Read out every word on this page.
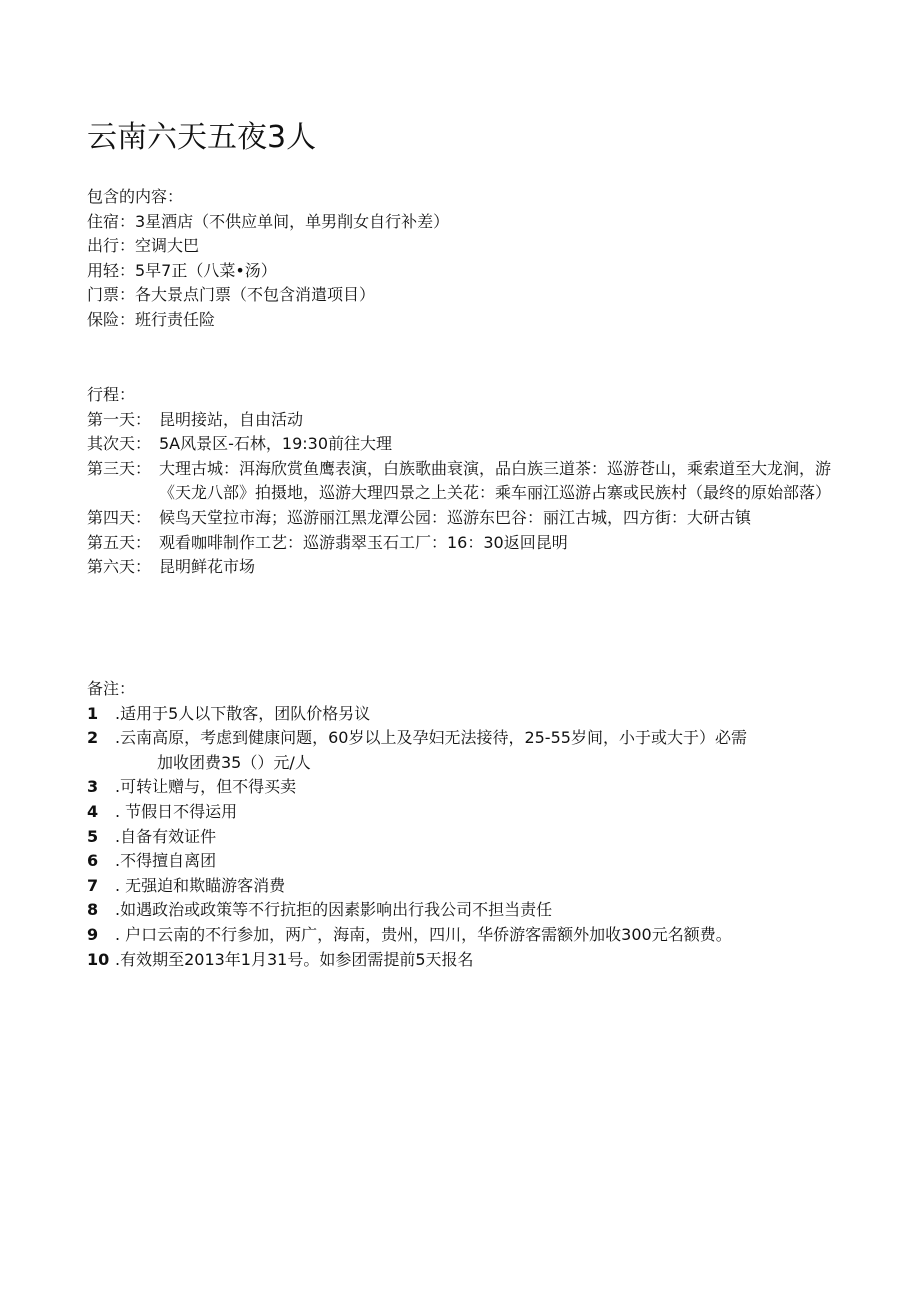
云南六天五夜3人
包含的内容：
住宿：3星酒店（不供应单间，单男削女自行补差）
出行：空调大巴
用轻：5早7正（八菜•汤）
门票：各大景点门票（不包含消遣项目）
保险：班行责任险
行程：
第一天： 昆明接站，自由活动
其次天： 5A风景区-石林，19:30前往大理
第三天： 大理古城：洱海欣赏鱼鹰表演，白族歌曲衰演，品白族三道茶：巡游苍山，乘索道至大龙涧，游《天龙八部》拍摄地，巡游大理四景之上关花：乘车丽江巡游占寨或民族村（最终的原始部落）
第四天： 候鸟天堂拉市海；巡游丽江黑龙潭公园：巡游东巴谷：丽江古城，四方街：大研古镇
第五天： 观看咖啡制作工艺：巡游翡翠玉石工厂：16：30返回昆明
第六天： 昆明鲜花市场
备注：
1 .适用于5人以下散客，团队价格另议
2 .云南高原，考虑到健康问题，60岁以上及孕妇无法接待，25-55岁间，小于或大于）必需
加收团费35（）元/人
3 .可转让赠与，但不得买卖
4 . 节假日不得运用
5 .自备有效证件
6 .不得擅自离团
7 . 无强迫和欺瞄游客消费
8 .如遇政治或政策等不行抗拒的因素影响出行我公司不担当责任
9 . 户口云南的不行参加，两广，海南，贵州，四川，华侨游客需额外加收300元名额费。
10 .有效期至2013年1月31号。如参团需提前5天报名
